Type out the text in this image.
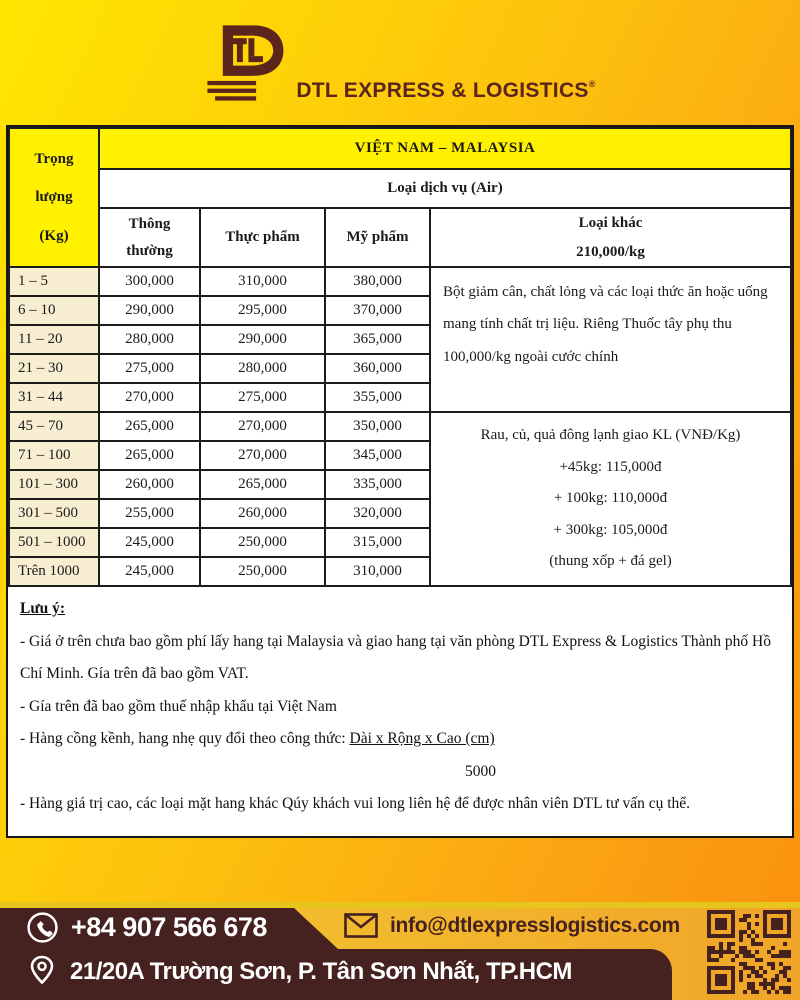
DTL EXPRESS & LOGISTICS®
Trọng
lượng
(Kg)	VIỆT NAM – MALAYSIA			
	Loại dịch vụ (Air)			
	Thông thường	Thực phẩm	Mỹ phẩm	Loại khác
210,000/kg

1 – 5	300,000	310,000	380,000	Bột giảm cân, chất lỏng và các loại thức ăn hoặc uống mang tính chất trị liệu. Riêng Thuốc tây phụ thu 100,000/kg ngoài cước chính
6 – 10	290,000	295,000	370,000	
11 – 20	280,000	290,000	365,000	
21 – 30	275,000	280,000	360,000	
31 – 44	270,000	275,000	355,000	
45 – 70	265,000	270,000	350,000	Rau, củ, quả đông lạnh giao KL (VNĐ/Kg)
+45kg: 115,000đ
+ 100kg: 110,000đ
+ 300kg: 105,000đ
(thung xốp + đá gel)

71 – 100	265,000	270,000	345,000	
101 – 300	260,000	265,000	335,000	
301 – 500	255,000	260,000	320,000	
501 – 1000	245,000	250,000	315,000	
Trên 1000	245,000	250,000	310,000	
Lưu ý:
- Giá ở trên chưa bao gồm phí lấy hang tại Malaysia và giao hang tại văn phòng DTL Express & Logistics Thành phố Hồ Chí Minh. Gía trên đã bao gồm VAT.
- Gía trên đã bao gồm thuế nhập khẩu tại Việt Nam
- Hàng cồng kềnh, hang nhẹ quy đổi theo công thức: Dài x Rộng x Cao (cm)
5000
- Hàng giá trị cao, các loại mặt hang khác Qúy khách vui long liên hệ để được nhân viên DTL tư vấn cụ thể.
+84 907 566 678	info@dtlexpresslogistics.com
21/20A Trường Sơn, P. Tân Sơn Nhất, TP.HCM
